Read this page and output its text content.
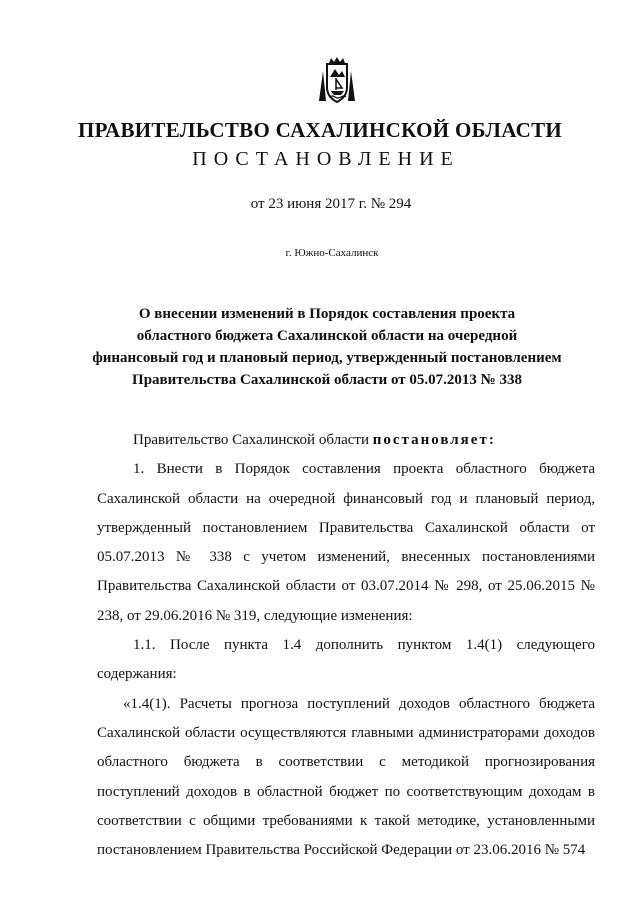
ПРАВИТЕЛЬСТВО САХАЛИНСКОЙ ОБЛАСТИ
ПОСТАНОВЛЕНИЕ
от 23 июня 2017 г. № 294
г. Южно-Сахалинск
О внесении изменений в Порядок составления проекта
областного бюджета Сахалинской области на очередной
финансовый год и плановый период, утвержденный постановлением
Правительства Сахалинской области от 05.07.2013 № 338

Правительство Сахалинской области постановляет:

1. Внести в Порядок составления проекта областного бюджета Сахалинской области на очередной финансовый год и плановый период, утвержденный постановлением Правительства Сахалинской области от 05.07.2013 № 338 с учетом изменений, внесенных постановлениями Правительства Сахалинской области от 03.07.2014 № 298, от 25.06.2015 № 238, от 29.06.2016 № 319, следующие изменения:

1.1. После пункта 1.4 дополнить пунктом 1.4(1) следующего содержания:

«1.4(1). Расчеты прогноза поступлений доходов областного бюджета Сахалинской области осуществляются главными администраторами доходов областного бюджета в соответствии с методикой прогнозирования поступлений доходов в областной бюджет по соответствующим доходам в соответствии с общими требованиями к такой методике, установленными постановлением Правительства Российской Федерации от 23.06.2016 № 574
